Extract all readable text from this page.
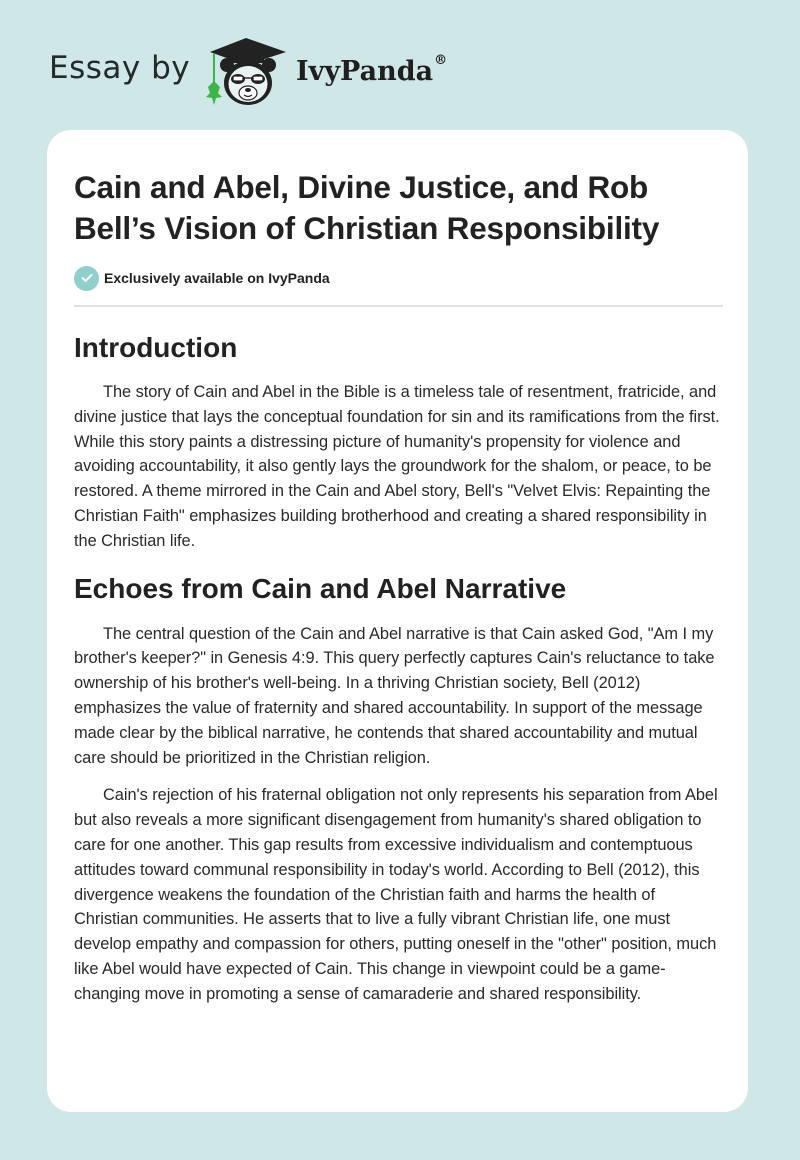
Essay by	IvyPanda®
Cain and Abel, Divine Justice, and Rob Bell’s Vision of Christian Responsibility
Exclusively available on IvyPanda
Introduction

The story of Cain and Abel in the Bible is a timeless tale of resentment, fratricide, and divine justice that lays the conceptual foundation for sin and its ramifications from the first. While this story paints a distressing picture of humanity's propensity for violence and avoiding accountability, it also gently lays the groundwork for the shalom, or peace, to be restored. A theme mirrored in the Cain and Abel story, Bell's "Velvet Elvis: Repainting the Christian Faith" emphasizes building brotherhood and creating a shared responsibility in the Christian life.

Echoes from Cain and Abel Narrative

The central question of the Cain and Abel narrative is that Cain asked God, "Am I my brother's keeper?" in Genesis 4:9. This query perfectly captures Cain's reluctance to take ownership of his brother's well-being. In a thriving Christian society, Bell (2012) emphasizes the value of fraternity and shared accountability. In support of the message made clear by the biblical narrative, he contends that shared accountability and mutual care should be prioritized in the Christian religion.

Cain's rejection of his fraternal obligation not only represents his separation from Abel but also reveals a more significant disengagement from humanity's shared obligation to care for one another. This gap results from excessive individualism and contemptuous attitudes toward communal responsibility in today's world. According to Bell (2012), this divergence weakens the foundation of the Christian faith and harms the health of Christian communities. He asserts that to live a fully vibrant Christian life, one must develop empathy and compassion for others, putting oneself in the "other" position, much like Abel would have expected of Cain. This change in viewpoint could be a game-changing move in promoting a sense of camaraderie and shared responsibility.
